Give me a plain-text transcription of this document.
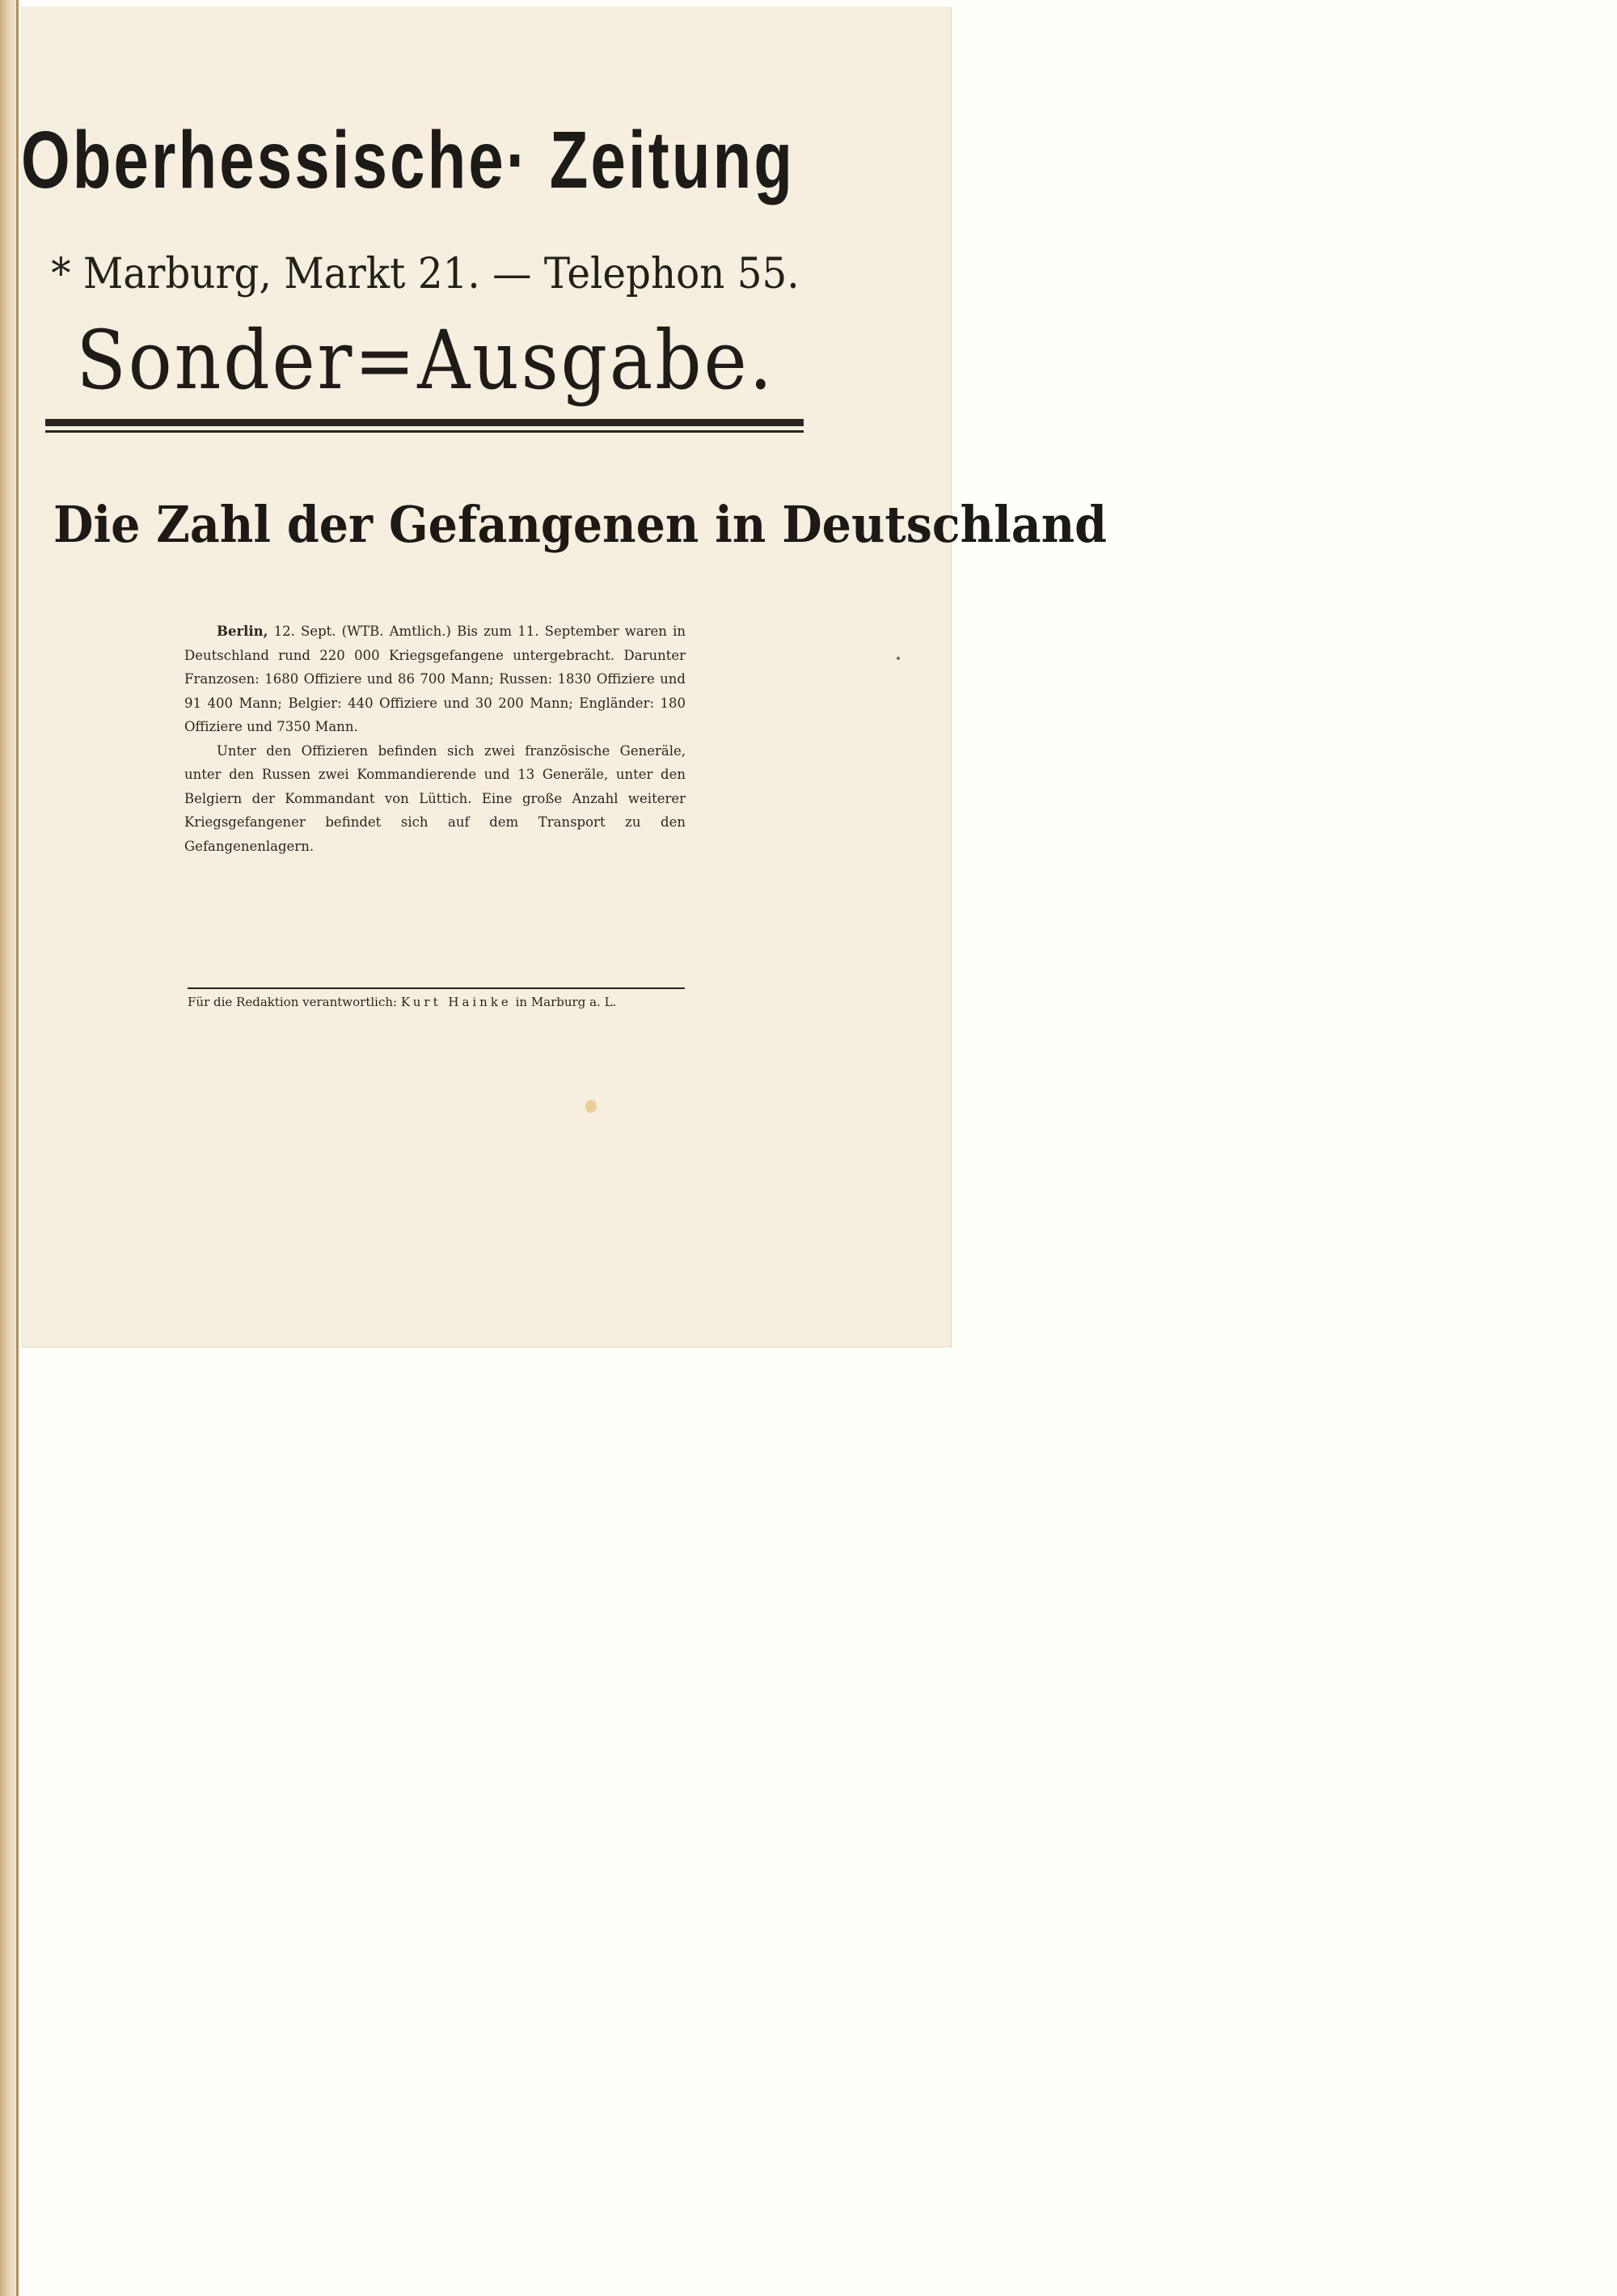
Oberhessische· Zeitung
* Marburg, Markt 21. — Telephon 55.
Sonder=Ausgabe.
Die Zahl der Gefangenen in Deutschland

Berlin, 12. Sept. (WTB. Amtlich.) Bis zum 11. September waren in Deutschland rund 220 000 Kriegsgefangene untergebracht. Darunter Franzosen: 1680 Offiziere und 86 700 Mann; Russen: 1830 Offiziere und 91 400 Mann; Belgier: 440 Offiziere und 30 200 Mann; Engländer: 180 Offiziere und 7350 Mann.

Unter den Offizieren befinden sich zwei französische Generäle, unter den Russen zwei Kommandierende und 13 Generäle, unter den Belgiern der Kommandant von Lüttich. Eine große Anzahl weiterer Kriegsgefangener befindet sich auf dem Transport zu den Gefangenenlagern.

Für die Redaktion verantwortlich: Kurt Hainke in Marburg a. L.
